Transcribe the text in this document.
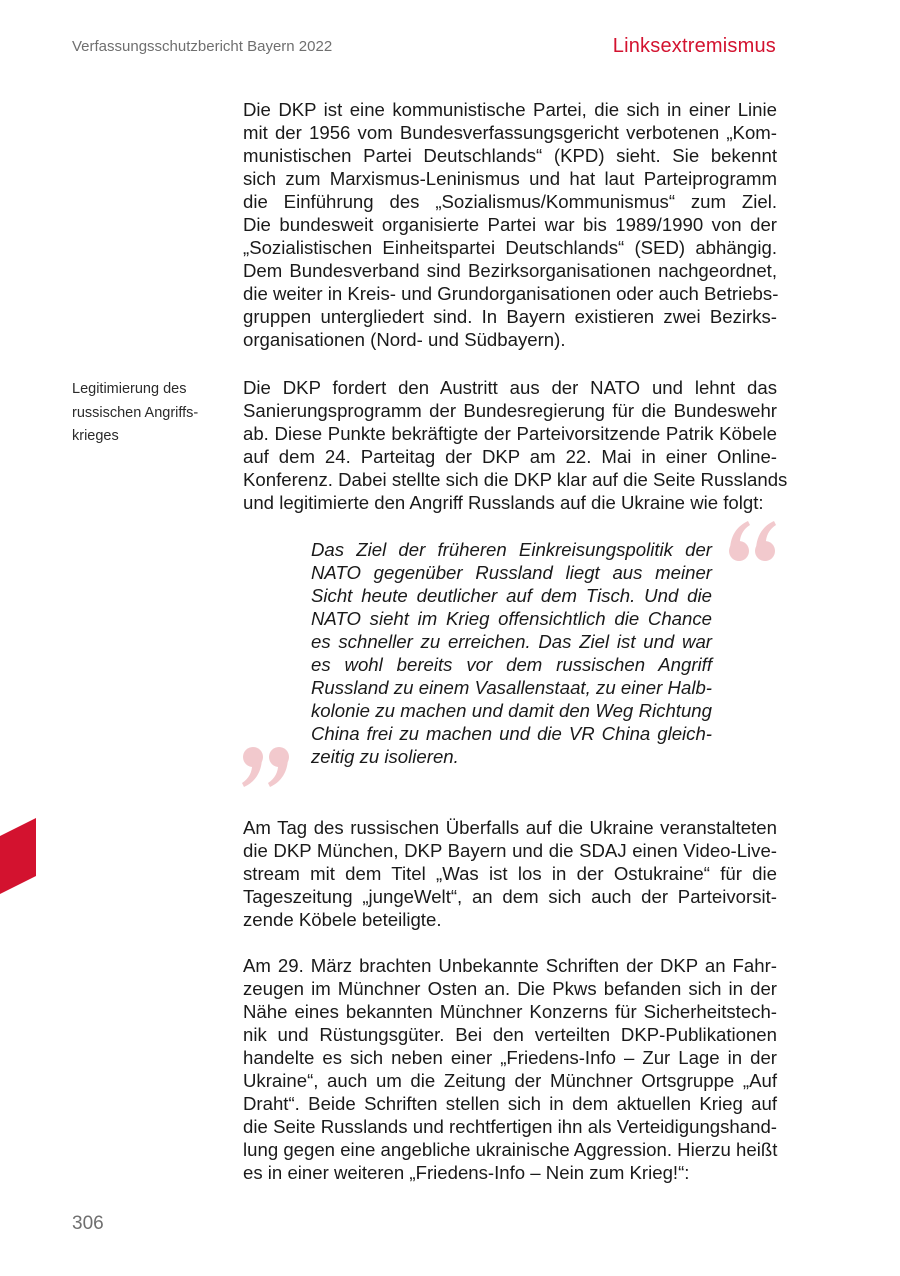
Verfassungsschutzbericht Bayern 2022	Linksextremismus

Die DKP ist eine kommunistische Partei, die sich in einer Linie
mit der 1956 vom Bundesverfassungsgericht verbotenen „Kom-
munistischen Partei Deutschlands“ (KPD) sieht. Sie bekennt
sich zum Marxismus-Leninismus und hat laut Parteiprogramm
die Einführung des „Sozialismus/Kommunismus“ zum Ziel.
Die bundesweit organisierte Partei war bis 1989/1990 von der
„Sozialistischen Einheitspartei Deutschlands“ (SED) abhängig.
Dem Bundesverband sind Bezirksorganisationen nachgeordnet,
die weiter in Kreis- und Grundorganisationen oder auch Betriebs-
gruppen untergliedert sind. In Bayern existieren zwei Bezirks-
organisationen (Nord- und Südbayern).

Legitimierung des
russischen Angriffs-
krieges

Die DKP fordert den Austritt aus der NATO und lehnt das
Sanierungsprogramm der Bundesregierung für die Bundeswehr
ab. Diese Punkte bekräftigte der Parteivorsitzende Patrik Köbele
auf dem 24. Parteitag der DKP am 22. Mai in einer Online-
Konferenz. Dabei stellte sich die DKP klar auf die Seite Russlands
und legitimierte den Angriff Russlands auf die Ukraine wie folgt:

Das Ziel der früheren Einkreisungspolitik der
NATO gegenüber Russland liegt aus meiner
Sicht heute deutlicher auf dem Tisch. Und die
NATO sieht im Krieg offensichtlich die Chance
es schneller zu erreichen. Das Ziel ist und war
es wohl bereits vor dem russischen Angriff
Russland zu einem Vasallenstaat, zu einer Halb-
kolonie zu machen und damit den Weg Richtung
China frei zu machen und die VR China gleich-
zeitig zu isolieren.

Am Tag des russischen Überfalls auf die Ukraine veranstalteten
die DKP München, DKP Bayern und die SDAJ einen Video-Live-
stream mit dem Titel „Was ist los in der Ostukraine“ für die
Tageszeitung „jungeWelt“, an dem sich auch der Parteivorsit-
zende Köbele beteiligte.

Am 29. März brachten Unbekannte Schriften der DKP an Fahr-
zeugen im Münchner Osten an. Die Pkws befanden sich in der
Nähe eines bekannten Münchner Konzerns für Sicherheitstech-
nik und Rüstungsgüter. Bei den verteilten DKP-Publikationen
handelte es sich neben einer „Friedens-Info – Zur Lage in der
Ukraine“, auch um die Zeitung der Münchner Ortsgruppe „Auf
Draht“. Beide Schriften stellen sich in dem aktuellen Krieg auf
die Seite Russlands und rechtfertigen ihn als Verteidigungshand-
lung gegen eine angebliche ukrainische Aggression. Hierzu heißt
es in einer weiteren „Friedens-Info – Nein zum Krieg!“:

306
